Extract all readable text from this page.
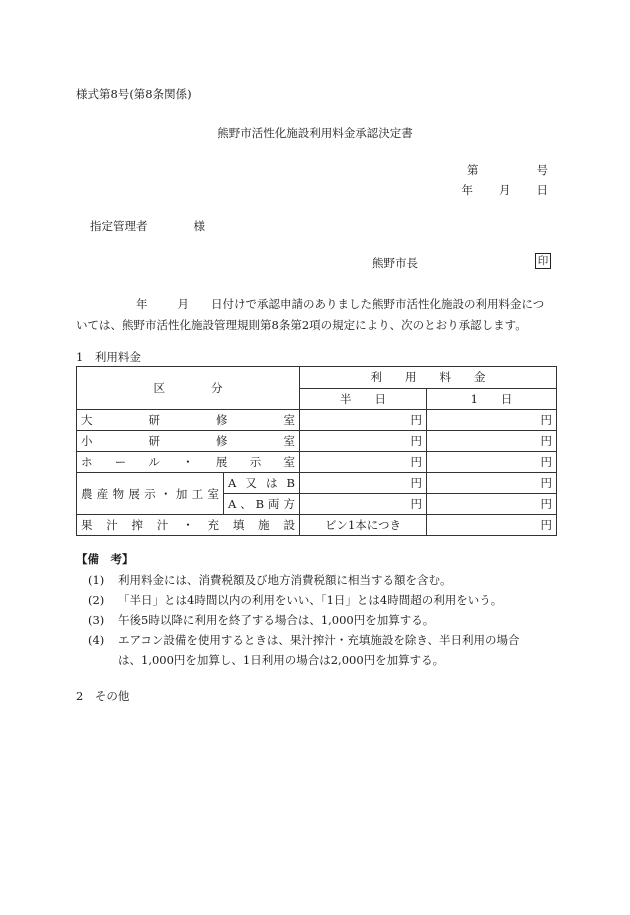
様式第8号(第8条関係)
熊野市活性化施設利用料金承認決定書
第	号
年 月 日
指定管理者	様
熊野市長	印

年	月 日付けで承認申請のありました熊野市活性化施設の利用料金につ

いては、熊野市活性化施設管理規則第8条第2項の規定により、次のとおり承認します。

1　利用料金
区　　　　分		利　　用　　料　　金	
		半　　日	1　　日
大研修室		円	円
小研修室		円	円
ホール・展示室		円	円
農産物展示・加工室	A又はB	円	円
	A、B両方	円	円
果汁搾汁・充填施設		ビン1本につき	円
【備　考】
(1) 利用料金には、消費税額及び地方消費税額に相当する額を含む。
(2) 「半日」とは4時間以内の利用をいい、「1日」とは4時間超の利用をいう。
(3) 午後5時以降に利用を終了する場合は、1,000円を加算する。
(4) エアコン設備を使用するときは、果汁搾汁・充填施設を除き、半日利用の場合
は、1,000円を加算し、1日利用の場合は2,000円を加算する。
2　その他
